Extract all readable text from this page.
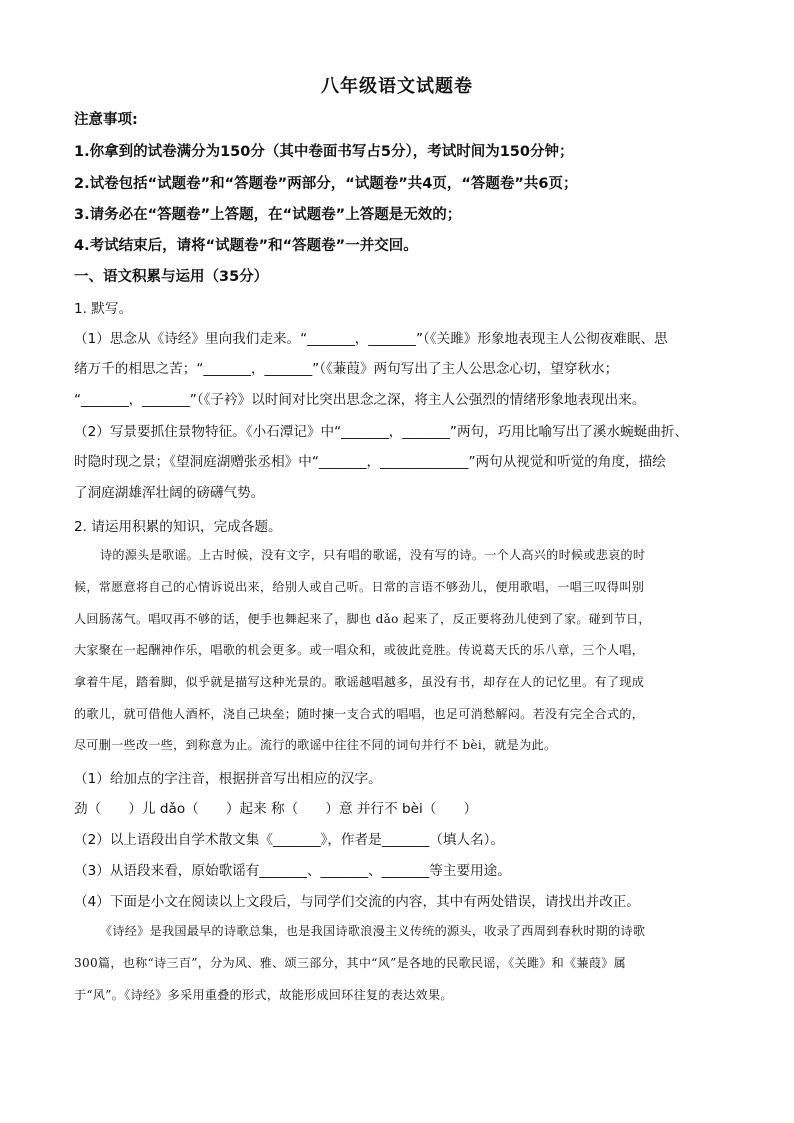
八年级语文试题卷
注意事项:
1.你拿到的试卷满分为150分（其中卷面书写占5分），考试时间为150分钟；
2.试卷包括“试题卷”和“答题卷”两部分，“试题卷”共4页，“答题卷”共6页；
3.请务必在“答题卷”上答题，在“试题卷”上答题是无效的；
4.考试结束后，请将“试题卷”和“答题卷”一并交回。
一、语文积累与运用（35分）
1. 默写。
（1）思念从《诗经》里向我们走来。“_______，_______”（《关雎》形象地表现主人公彻夜难眠、思
绪万千的相思之苦；“_______，_______”（《蒹葭》两句写出了主人公思念心切，望穿秋水；
“_______，_______”（《子衿》以时间对比突出思念之深，将主人公强烈的情绪形象地表现出来。
（2）写景要抓住景物特征。《小石潭记》中“_______，_______”两句，巧用比喻写出了溪水蜿蜒曲折、
时隐时现之景；《望洞庭湖赠张丞相》中“_______，_____________”两句从视觉和听觉的角度，描绘
了洞庭湖雄浑壮阔的磅礴气势。
2. 请运用积累的知识，完成各题。
诗的源头是歌谣。上古时候，没有文字，只有唱的歌谣，没有写的诗。一个人高兴的时候或悲哀的时
候，常愿意将自己的心情诉说出来，给别人或自己听。日常的言语不够劲儿，便用歌唱，一唱三叹得叫别
人回肠荡气。唱叹再不够的话，便手也舞起来了，脚也 dǎo 起来了，反正要将劲儿使到了家。碰到节日，
大家聚在一起酬神作乐，唱歌的机会更多。或一唱众和，或彼此竞胜。传说葛天氏的乐八章，三个人唱，
拿着牛尾，踏着脚，似乎就是描写这种光景的。歌谣越唱越多，虽没有书，却存在人的记忆里。有了现成
的歌儿，就可借他人酒杯，浇自己块垒；随时揀一支合式的唱唱，也足可消愁解闷。若没有完全合式的，
尽可删一些改一些，到称意为止。流行的歌谣中往往不同的词句并行不 bèi，就是为此。
（1）给加点的字注音，根据拼音写出相应的汉字。
劲（　　）儿 dǎo（　　）起来 称（　　）意 并行不 bèi（　　）
（2）以上语段出自学术散文集《_______》，作者是_______（填人名）。
（3）从语段来看，原始歌谣有_______、_______、_______等主要用途。
（4）下面是小文在阅读以上文段后，与同学们交流的内容，其中有两处错误，请找出并改正。
《诗经》是我国最早的诗歌总集，也是我国诗歌浪漫主义传统的源头，收录了西周到春秋时期的诗歌
300篇，也称“诗三百”，分为风、雅、颂三部分，其中“风”是各地的民歌民谣，《关雎》和《蒹葭》属
于“风”。《诗经》多采用重叠的形式，故能形成回环往复的表达效果。
